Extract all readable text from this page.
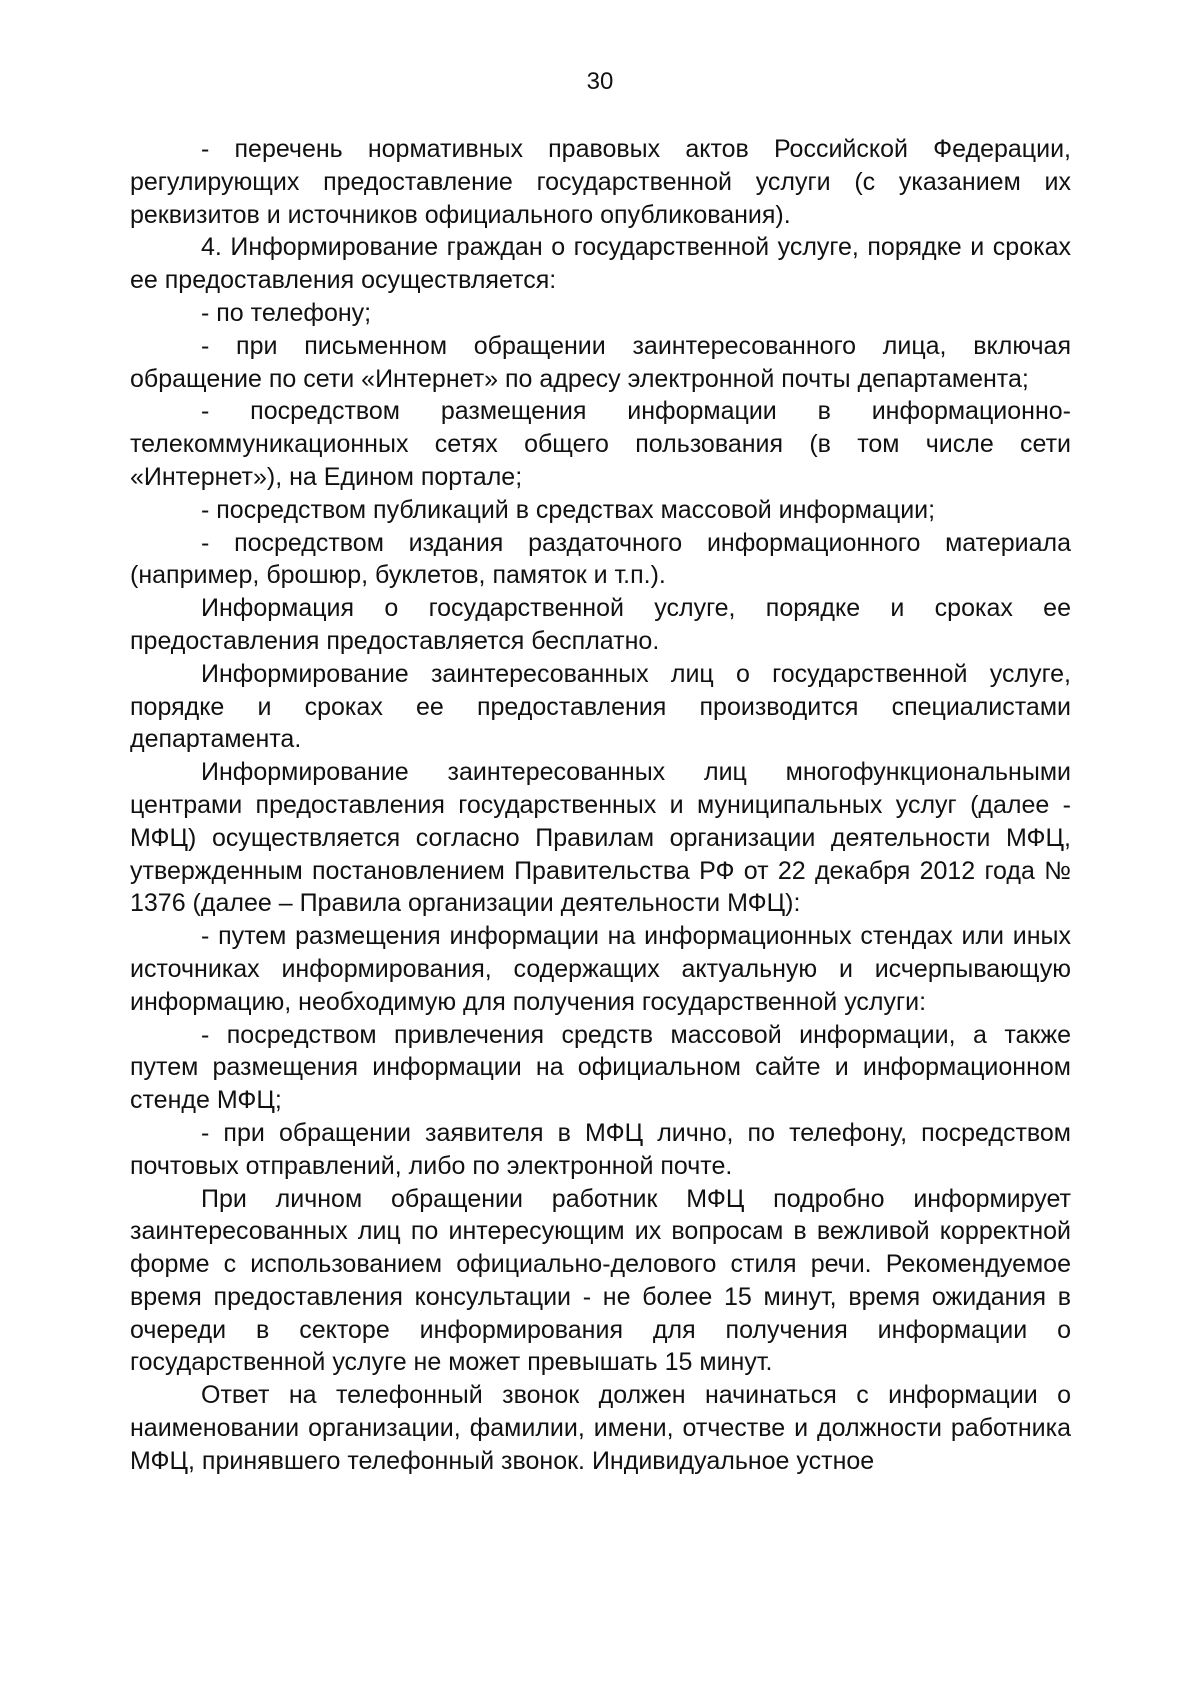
30

- перечень нормативных правовых актов Российской Федерации, регулирующих предоставление государственной услуги (с указанием их реквизитов и источников официального опубликования).

4. Информирование граждан о государственной услуге, порядке и сроках ее предоставления осуществляется:

- по телефону;

- при письменном обращении заинтересованного лица, включая обращение по сети «Интернет» по адресу электронной почты департамента;

- посредством размещения информации в информационно-телекоммуникационных сетях общего пользования (в том числе сети «Интернет»), на Едином портале;

- посредством публикаций в средствах массовой информации;

- посредством издания раздаточного информационного материала (например, брошюр, буклетов, памяток и т.п.).

Информация о государственной услуге, порядке и сроках ее предоставления предоставляется бесплатно.

Информирование заинтересованных лиц о государственной услуге, порядке и сроках ее предоставления производится специалистами департамента.

Информирование заинтересованных лиц многофункциональными центрами предоставления государственных и муниципальных услуг (далее - МФЦ) осуществляется согласно Правилам организации деятельности МФЦ, утвержденным постановлением Правительства РФ от 22 декабря 2012 года № 1376 (далее – Правила организации деятельности МФЦ):

- путем размещения информации на информационных стендах или иных источниках информирования, содержащих актуальную и исчерпывающую информацию, необходимую для получения государственной услуги:

- посредством привлечения средств массовой информации, а также путем размещения информации на официальном сайте и информационном стенде МФЦ;

- при обращении заявителя в МФЦ лично, по телефону, посредством почтовых отправлений, либо по электронной почте.

При личном обращении работник МФЦ подробно информирует заинтересованных лиц по интересующим их вопросам в вежливой корректной форме с использованием официально-делового стиля речи. Рекомендуемое время предоставления консультации - не более 15 минут, время ожидания в очереди в секторе информирования для получения информации о государственной услуге не может превышать 15 минут.

Ответ на телефонный звонок должен начинаться с информации о наименовании организации, фамилии, имени, отчестве и должности работника МФЦ, принявшего телефонный звонок. Индивидуальное устное
